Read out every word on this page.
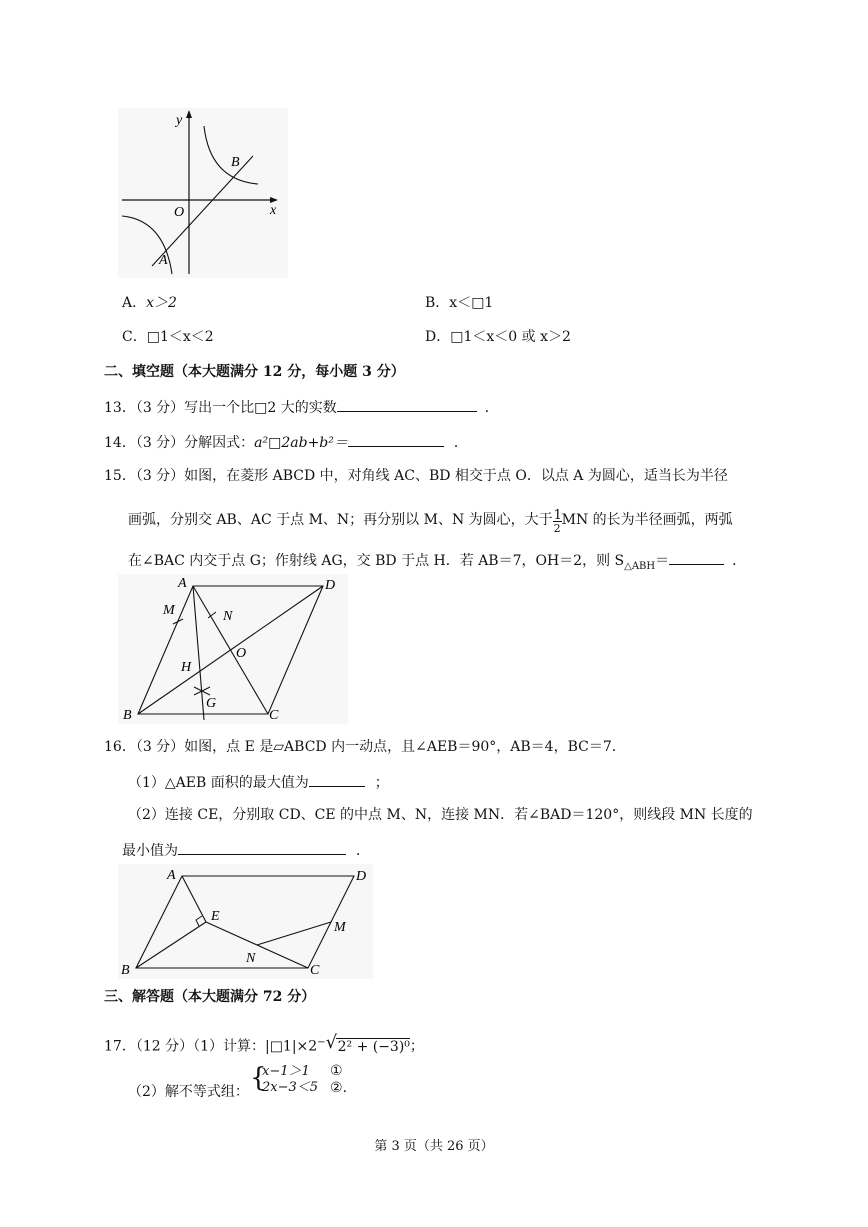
y
x
O
A
B
A．x＞2	B．x＜□1
C．□1＜x＜2	D．□1＜x＜0 或 x＞2
二、填空题（本大题满分 12 分，每小题 3 分）
13．（3 分）写出一个比□2 大的实数	．
14．（3 分）分解因式：a²□2ab+b²＝	．
15．（3 分）如图，在菱形 ABCD 中，对角线 AC、BD 相交于点 O．以点 A 为圆心，适当长为半径
画弧，分别交 AB、AC 于点 M、N；再分别以 M、N 为圆心，大于
$\frac{1}{2}$
MN 的长为半径画弧，两弧
在∠BAC 内交于点 G；作射线 AG，交 BD 于点 H．若 AB＝7，OH＝2，则 $S_{\triangle ABH}=$	．
A	D
M	N
O
H
G
B	C
16．（3 分）如图，点 E 是▱ABCD 内一动点，且∠AEB＝90°，AB＝4，BC＝7．
（1）△AEB 面积的最大值为	；
（2）连接 CE，分别取 CD、CE 的中点 M、N，连接 MN．若∠BAD＝120°，则线段 MN 长度的
最小值为	．
A	D
E
M
N
B	C
三、解答题（本大题满分 72 分）
17．（12 分）（1）计算：|□1|×2− √ 2² + (−3)⁰；
（2）解不等式组： {
x−1＞1
2x−3＜5
①
②.
第 3 页（共 26 页）
